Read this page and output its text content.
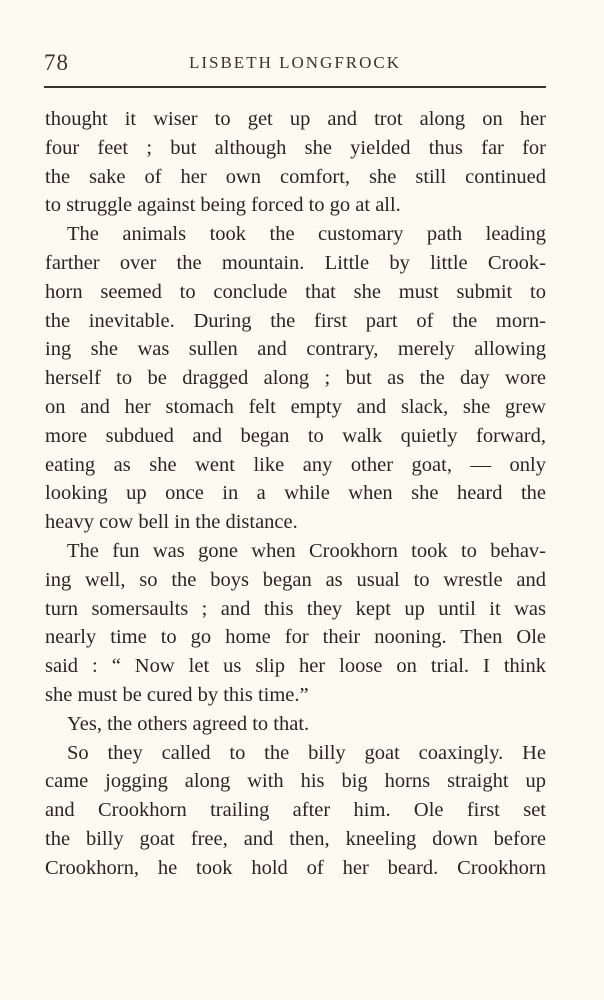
78	LISBETH LONGFROCK
thought it wiser to get up and trot along on her
four feet ; but although she yielded thus far for
the sake of her own comfort, she still continued
to struggle against being forced to go at all.
The animals took the customary path leading
farther over the mountain. Little by little Crook-
horn seemed to conclude that she must submit to
the inevitable. During the first part of the morn-
ing she was sullen and contrary, merely allowing
herself to be dragged along ; but as the day wore
on and her stomach felt empty and slack, she grew
more subdued and began to walk quietly forward,
eating as she went like any other goat, — only
looking up once in a while when she heard the
heavy cow bell in the distance.
The fun was gone when Crookhorn took to behav-
ing well, so the boys began as usual to wrestle and
turn somersaults ; and this they kept up until it was
nearly time to go home for their nooning. Then Ole
said : “ Now let us slip her loose on trial. I think
she must be cured by this time.”
Yes, the others agreed to that.
So they called to the billy goat coaxingly. He
came jogging along with his big horns straight up
and Crookhorn trailing after him. Ole first set
the billy goat free, and then, kneeling down before
Crookhorn, he took hold of her beard. Crookhorn
